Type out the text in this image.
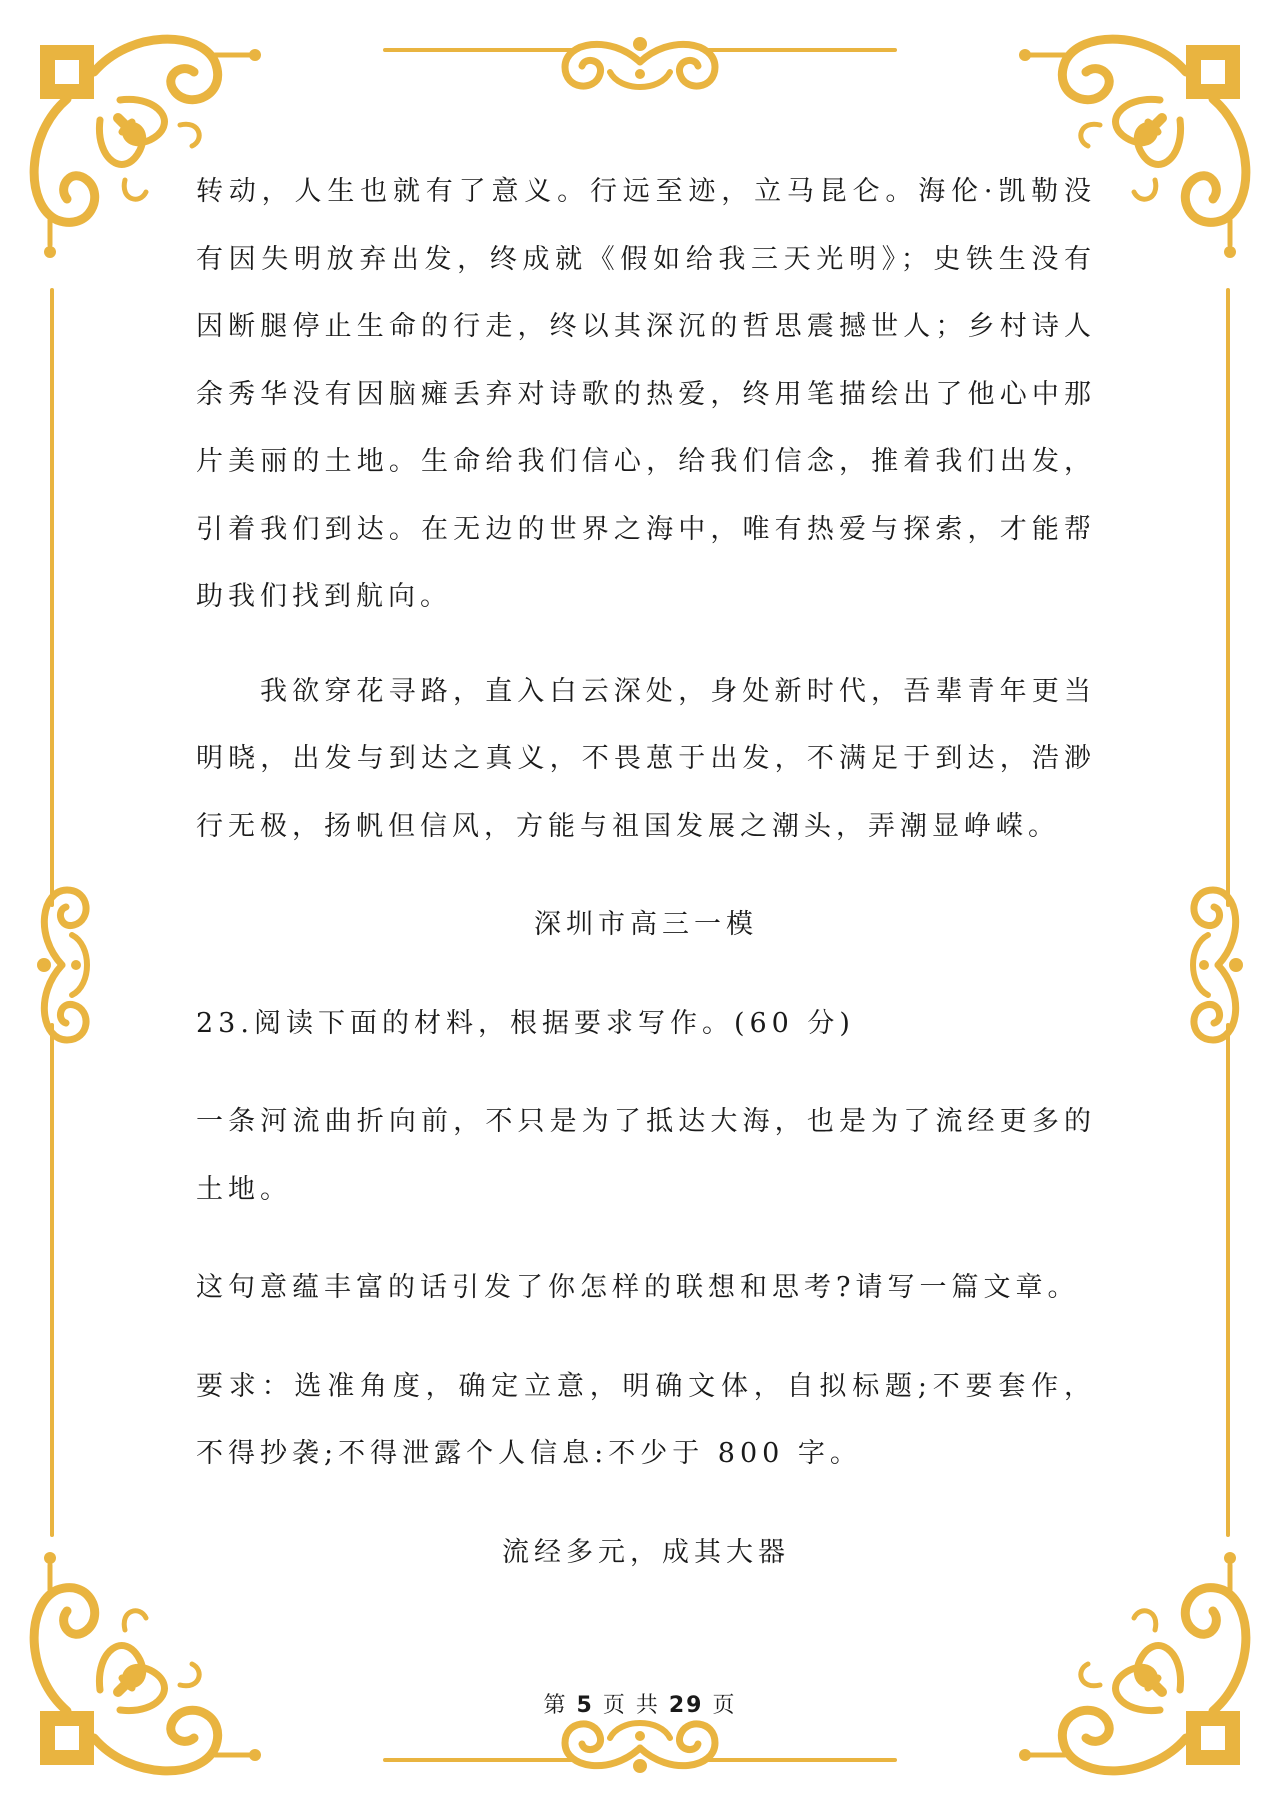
转动，人生也就有了意义。行远至迹，立马昆仑。海伦·凯勒没有因失明放弃出发，终成就《假如给我三天光明》；史铁生没有因断腿停止生命的行走，终以其深沉的哲思震撼世人；乡村诗人余秀华没有因脑瘫丢弃对诗歌的热爱，终用笔描绘出了他心中那片美丽的土地。生命给我们信心，给我们信念，推着我们出发，引着我们到达。在无边的世界之海中，唯有热爱与探索，才能帮助我们找到航向。

我欲穿花寻路，直入白云深处，身处新时代，吾辈青年更当明晓，出发与到达之真义，不畏葸于出发，不满足于到达，浩渺行无极，扬帆但信风，方能与祖国发展之潮头，弄潮显峥嵘。

深圳市高三一模

23.阅读下面的材料，根据要求写作。(60 分)

一条河流曲折向前，不只是为了抵达大海，也是为了流经更多的土地。

这句意蕴丰富的话引发了你怎样的联想和思考?请写一篇文章。

要求：选准角度，确定立意，明确文体，自拟标题;不要套作，不得抄袭;不得泄露个人信息:不少于 800 字。

流经多元，成其大器

第 5 页 共 29 页
